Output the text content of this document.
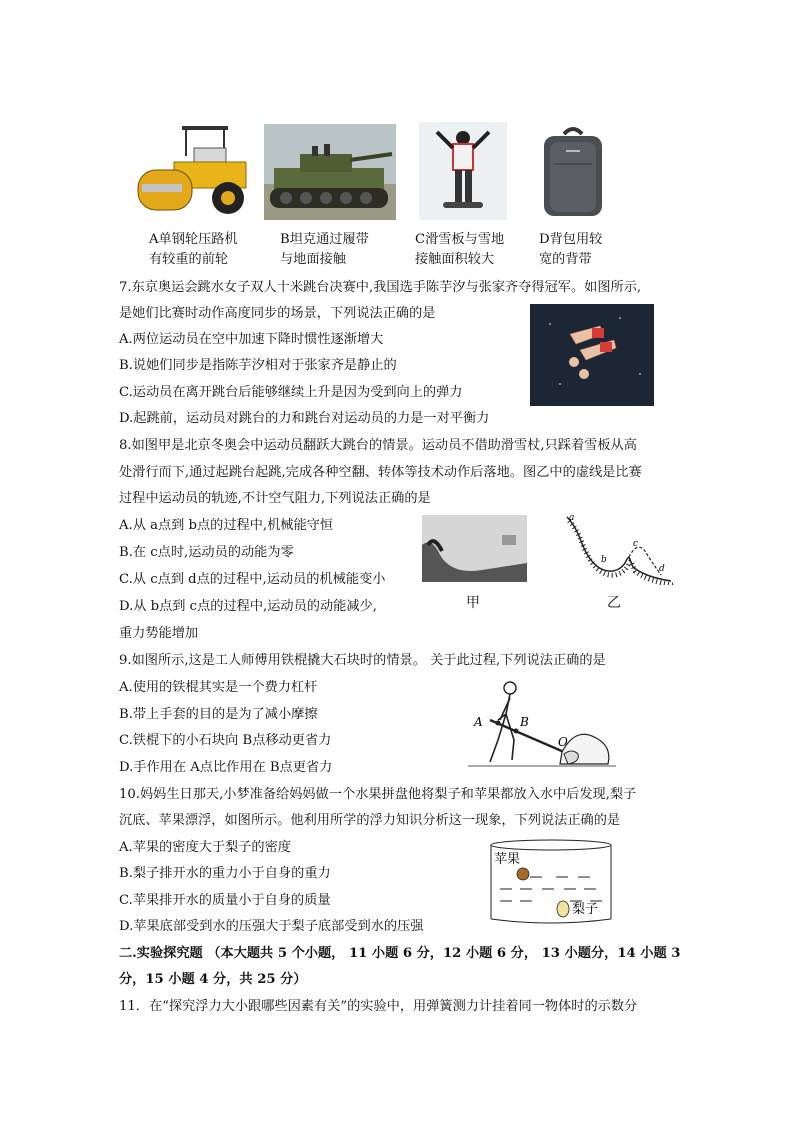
A单钢轮压路机
有较重的前轮
B坦克通过履带
与地面接触
C滑雪板与雪地
接触面积较大
D背包用较
宽的背带
7.东京奥运会跳水女子双人十米跳台决赛中,我国选手陈芋汐与张家齐夺得冠军。如图所示,
是她们比赛时动作高度同步的场景，下列说法正确的是
A.两位运动员在空中加速下降时惯性逐渐增大
B.说她们同步是指陈芋汐相对于张家齐是静止的
C.运动员在离开跳台后能够继续上升是因为受到向上的弹力
D.起跳前，运动员对跳台的力和跳台对运动员的力是一对平衡力
8.如图甲是北京冬奥会中运动员翻跃大跳台的情景。运动员不借助滑雪杖,只踩着雪板从高
处滑行而下,通过起跳台起跳,完成各种空翻、转体等技术动作后落地。图乙中的虚线是比赛
过程中运动员的轨迹,不计空气阻力,下列说法正确的是
A.从 a点到 b点的过程中,机械能守恒
B.在 c点时,运动员的动能为零
C.从 c点到 d点的过程中,运动员的机械能变小
D.从 b点到 c点的过程中,运动员的动能减少,
重力势能增加
甲
a
b
c
d
乙
9.如图所示,这是工人师傅用铁棍撬大石块时的情景。 关于此过程,下列说法正确的是
A.使用的铁棍其实是一个费力杠杆
B.带上手套的目的是为了减小摩擦
C.铁棍下的小石块向 B点移动更省力
D.手作用在 A点比作用在 B点更省力
A	B
O
10.妈妈生日那天,小梦准备给妈妈做一个水果拼盘他将梨子和苹果都放入水中后发现,梨子
沉底、苹果漂浮，如图所示。他利用所学的浮力知识分析这一现象，下列说法正确的是
A.苹果的密度大于梨子的密度
B.梨子排开水的重力小于自身的重力
C.苹果排开水的质量小于自身的质量
D.苹果底部受到水的压强大于梨子底部受到水的压强
苹果
梨子
二.实验探究题 （本大题共 5 个小题， 11 小题 6 分，12 小题 6 分， 13 小题分，14 小题 3
分，15 小题 4 分，共 25 分）
11．在“探究浮力大小跟哪些因素有关”的实验中，用弹簧测力计挂着同一物体时的示数分
